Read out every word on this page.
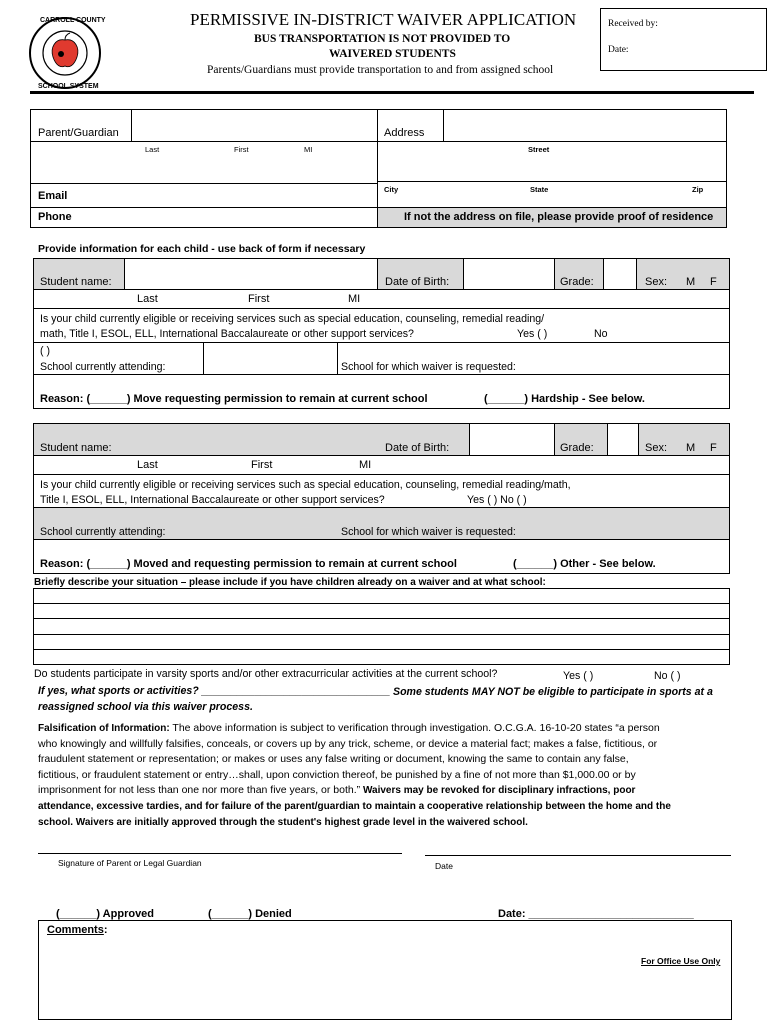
CARROLL COUNTY
SCHOOL SYSTEM
PERMISSIVE IN-DISTRICT WAIVER APPLICATION
BUS TRANSPORTATION IS NOT PROVIDED TO
WAIVERED STUDENTS
Parents/Guardians must provide transportation to and from assigned school
Received by:
Date:
Parent/Guardian	Address
Last	First	MI	Street
City	State	Zip
Email
Phone	If not the address on file, please provide proof of residence
Provide information for each child - use back of form if necessary
Student name:	Date of Birth:	Grade:	Sex: M F
Last	First	MI
Is your child currently eligible or receiving services such as special education, counseling, remedial reading/
math, Title I, ESOL, ELL, International Baccalaureate or other support services?	Yes ( )	No
( )
School currently attending:	School for which waiver is requested:
Reason: (______) Move requesting permission to remain at current school	(______) Hardship - See below.
Student name:	Date of Birth:	Grade:	Sex: M F
Last	First	MI
Is your child currently eligible or receiving services such as special education, counseling, remedial reading/math,
Title I, ESOL, ELL, International Baccalaureate or other support services?	Yes ( ) No ( )
School currently attending:	School for which waiver is requested:
Reason: (______) Moved and requesting permission to remain at current school	(______) Other - See below.
Briefly describe your situation – please include if you have children already on a waiver and at what school:
Do students participate in varsity sports and/or other extracurricular activities at the current school?	Yes ( )	No ( )
If yes, what sports or activities? ________________________________ Some students MAY NOT be eligible to participate in sports at a
reassigned school via this waiver process.
Falsification of Information: The above information is subject to verification through investigation. O.C.G.A. 16-10-20 states “a person
who knowingly and willfully falsifies, conceals, or covers up by any trick, scheme, or device a material fact; makes a false, fictitious, or
fraudulent statement or representation; or makes or uses any false writing or document, knowing the same to contain any false,
fictitious, or fraudulent statement or entry…shall, upon conviction thereof, be punished by a fine of not more than $1,000.00 or by
imprisonment for not less than one nor more than five years, or both.” Waivers may be revoked for disciplinary infractions, poor
attendance, excessive tardies, and for failure of the parent/guardian to maintain a cooperative relationship between the home and the
school. Waivers are initially approved through the student's highest grade level in the waivered school.
Signature of Parent or Legal Guardian	Date
(______) Approved	(______) Denied	Date: ___________________________
Comments:
For Office Use Only
